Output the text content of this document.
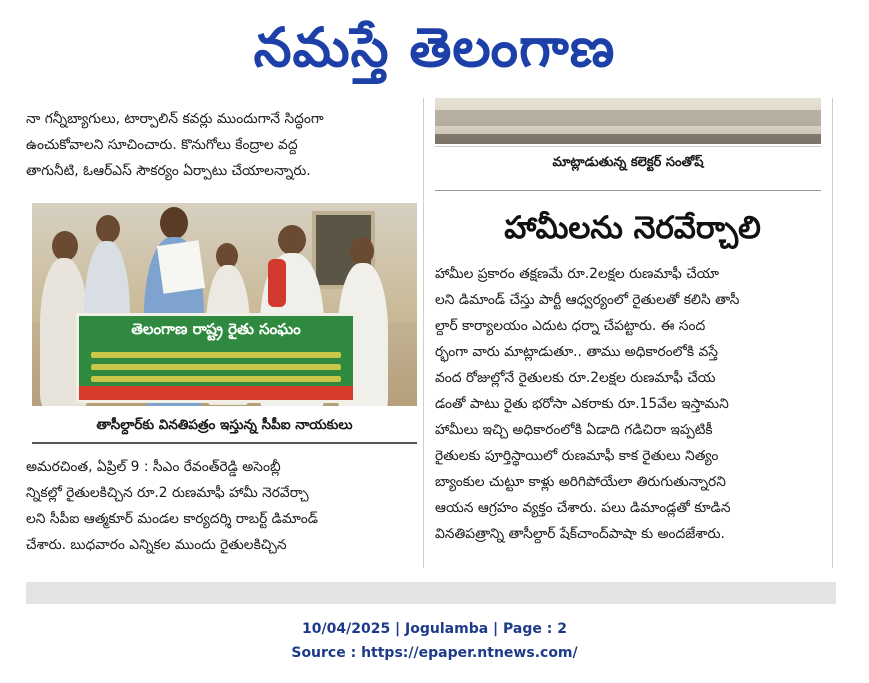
నమస్తే తెలంగాణ
నా గన్నీబ్యాగులు, టార్పాలిన్ కవర్లు ముందుగానే సిద్ధంగా
ఉంచుకోవాలని సూచించారు. కొనుగోలు కేంద్రాల వద్ద
తాగునీటి, ఓఆర్ఎస్ సౌకర్యం ఏర్పాటు చేయాలన్నారు.
మాట్లాడుతున్న కలెక్టర్ సంతోష్
తెలంగాణ రాష్ట్ర రైతు సంఘం
తాసీల్దార్‌కు వినతిపత్రం ఇస్తున్న సీపీఐ నాయకులు
అమరచింత, ఏప్రిల్ 9 : సీఎం రేవంత్‌రెడ్డి అసెంబ్లీ
న్నికల్లో రైతులకిచ్చిన రూ.2 రుణమాఫీ హామీ నెరవేర్చా
లని సీపీఐ ఆత్మకూర్ మండల కార్యదర్శి రాబర్ట్ డిమాండ్
చేశారు. బుధవారం ఎన్నికల ముందు రైతులకిచ్చిన
హామీలను నెరవేర్చాలి
హామీల ప్రకారం తక్షణమే రూ.2లక్షల రుణమాఫీ చేయా
లని డిమాండ్ చేస్తు పార్టీ ఆధ్వర్యంలో రైతులతో కలిసి తాసీ
ల్దార్ కార్యాలయం ఎదుట ధర్నా చేపట్టారు. ఈ సంద
ర్భంగా వారు మాట్లాడుతూ.. తాము అధికారంలోకి వస్తే
వంద రోజుల్లోనే రైతులకు రూ.2లక్షల రుణమాఫీ చేయ
డంతో పాటు రైతు భరోసా ఎకరాకు రూ.15వేల ఇస్తామని
హామీలు ఇచ్చి అధికారంలోకి ఏడాది గడిచిరా ఇప్పటికీ
రైతులకు పూర్తిస్థాయిలో రుణమాఫీ కాక రైతులు నిత్యం
బ్యాంకుల చుట్టూ కాళ్లు అరిగిపోయేలా తిరుగుతున్నారని
ఆయన ఆగ్రహం వ్యక్తం చేశారు. పలు డిమాండ్లతో కూడిన
వినతిపత్రాన్ని తాసీల్దార్ షేక్‌చాంద్‌పాషా కు అందజేశారు.
10/04/2025 | Jogulamba | Page : 2
Source : https://epaper.ntnews.com/
